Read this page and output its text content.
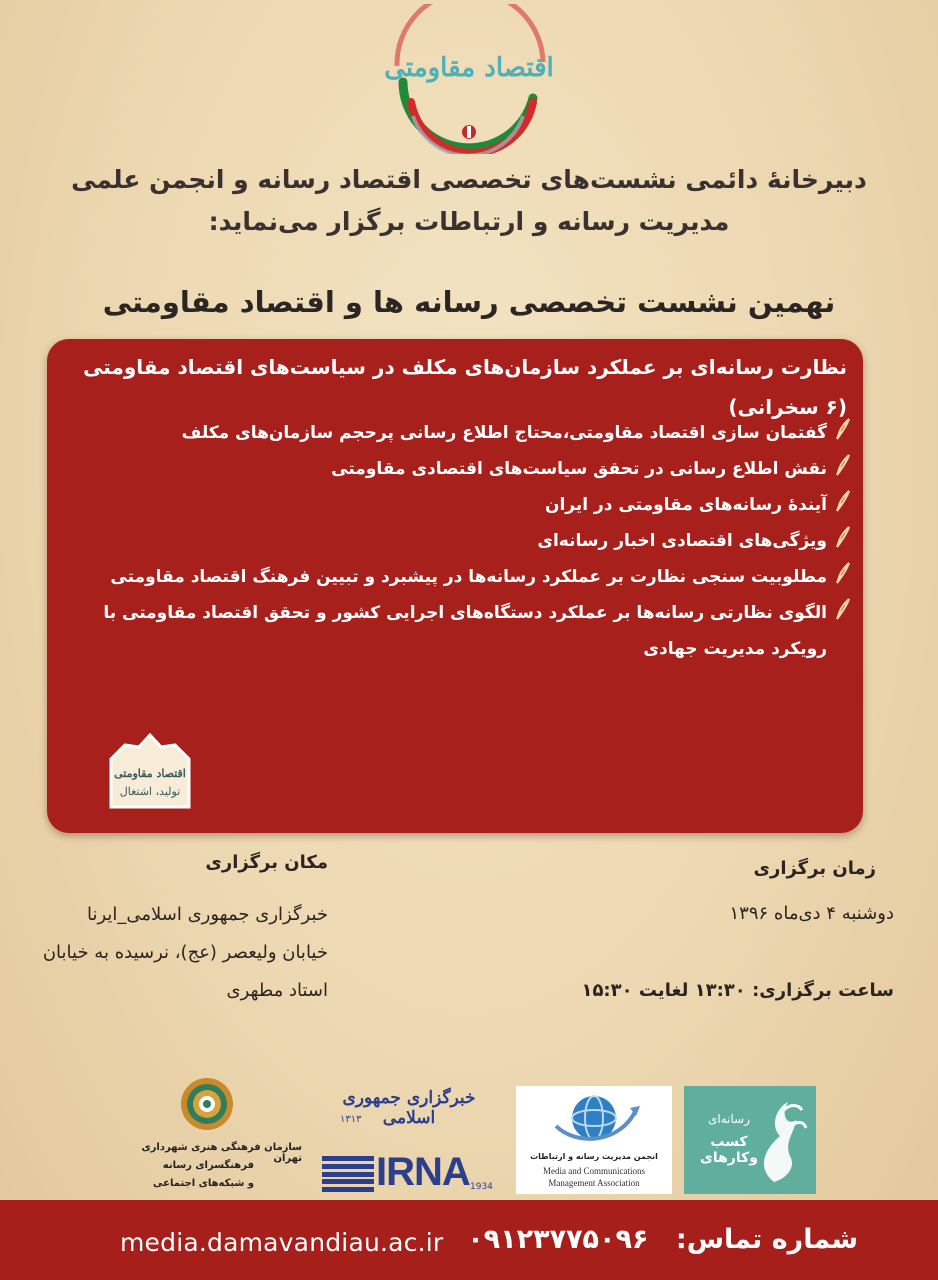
اقتصاد مقاومتی
دبیرخانهٔ دائمی نشست‌های تخصصی اقتصاد رسانه و انجمن علمی
مدیریت رسانه و ارتباطات برگزار می‌نماید:
نهمین نشست تخصصی رسانه ها و اقتصاد مقاومتی
نظارت رسانه‌ای بر عملکرد سازمان‌های مکلف در سیاست‌های اقتصاد مقاومتی (۶ سخرانی)
گفتمان سازی اقتصاد مقاومتی،محتاج اطلاع رسانی پرحجم سازمان‌های مکلف
نقش اطلاع رسانی در تحقق سیاست‌های اقتصادی مقاومتی
آیندهٔ رسانه‌های مقاومتی در ایران
ویژگی‌های اقتصادی اخبار رسانه‌ای
مطلوبیت سنجی نظارت بر عملکرد رسانه‌ها در پیشبرد و تبیین فرهنگ اقتصاد مقاومتی
الگوی نظارتی رسانه‌ها بر عملکرد دستگاه‌های اجرایی کشور و تحقق اقتصاد مقاومتی با رویکرد مدیریت جهادی
اقتصاد مقاومتی
تولید، اشتغال
زمان برگزاری
دوشنبه ۴ دی‌ماه ۱۳۹۶
ساعت برگزاری: ۱۳:۳۰ لغایت ۱۵:۳۰
مکان برگزاری
خبرگزاری جمهوری اسلامی_ایرنا
خیابان ولیعصر (عج)، نرسیده به خیابان
استاد مطهری
رسانه‌ای
کسب وکارهای
انجمن مدیریت رسانه و ارتباطات
Media and Communications
Management Association
خبرگزاری جمهوری اسلامی
۱۳۱۳
IRNA 1934
سازمان فرهنگی هنری شهرداری تهران
فرهنگسرای رسانه
و شبکه‌های اجتماعی
media.damavandiau.ac.ir	شماره تماس: ۰۹۱۲۳۷۷۵۰۹۶
